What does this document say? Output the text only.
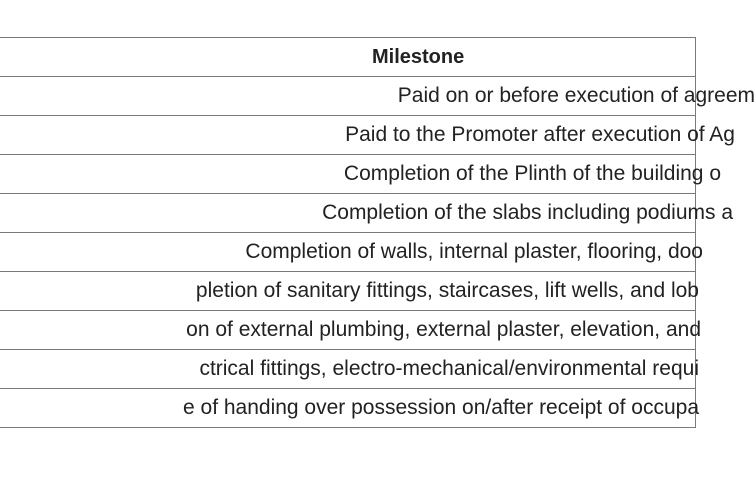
Milestone
Paid on or before execution of agreem
Paid to the Promoter after execution of Ag
Completion of the Plinth of the building o
Completion of the slabs including podiums a
Completion of walls, internal plaster, flooring, doo
pletion of sanitary fittings, staircases, lift wells, and lob
on of external plumbing, external plaster, elevation, and
ctrical fittings, electro-mechanical/environmental requi
e of handing over possession on/after receipt of occupa
